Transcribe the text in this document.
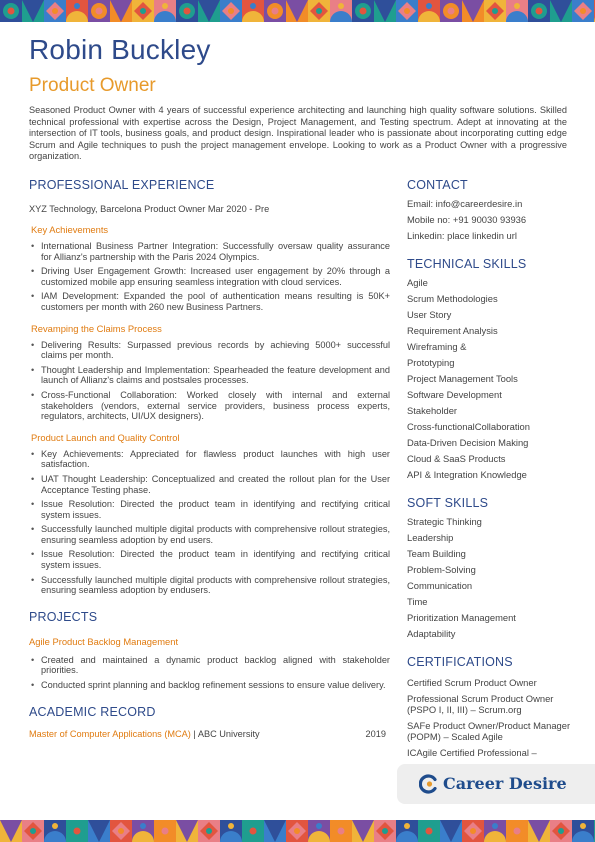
Robin Buckley
Product Owner
Seasoned Product Owner with 4 years of successful experience architecting and launching high quality software solutions. Skilled technical professional with expertise across the Design, Project Management, and Testing spectrum. Adept at innovating at the intersection of IT tools, business goals, and product design. Inspirational leader who is passionate about incorporating cutting edge Scrum and Agile techniques to push the project management envelope. Looking to work as a Product Owner with a progressive organization.
PROFESSIONAL EXPERIENCE
XYZ Technology, Barcelona Product Owner Mar 2020 - Pre
Key Achievements
• International Business Partner Integration: Successfully oversaw quality assurance for Allianz's partnership with the Paris 2024 Olympics.
• Driving User Engagement Growth: Increased user engagement by 20% through a customized mobile app ensuring seamless integration with cloud services.
• IAM Development: Expanded the pool of authentication means resulting is 50K+ customers per month with 260 new Business Partners.
Revamping the Claims Process
• Delivering Results: Surpassed previous records by achieving 5000+ successful claims per month.
• Thought Leadership and Implementation: Spearheaded the feature development and launch of Allianz's claims and postsales processes.
• Cross-Functional Collaboration: Worked closely with internal and external stakeholders (vendors, external service providers, business process experts, regulators, architects, UI/UX designers).
Product Launch and Quality Control
• Key Achievements: Appreciated for flawless product launches with high user satisfaction.
• UAT Thought Leadership: Conceptualized and created the rollout plan for the User Acceptance Testing phase.
• Issue Resolution: Directed the product team in identifying and rectifying critical system issues.
• Successfully launched multiple digital products with comprehensive rollout strategies, ensuring seamless adoption by end users.
• Issue Resolution: Directed the product team in identifying and rectifying critical system issues.
• Successfully launched multiple digital products with comprehensive rollout strategies, ensuring seamless adoption by endusers.
PROJECTS
Agile Product Backlog Management
• Created and maintained a dynamic product backlog aligned with stakeholder priorities.
• Conducted sprint planning and backlog refinement sessions to ensure value delivery.
ACADEMIC RECORD
Master of Computer Applications (MCA) | ABC University	2019
CONTACT
Email: info@careerdesire.in
Mobile no: +91 90030 93936
Linkedin: place linkedin url
TECHNICAL SKILLS
Agile
Scrum Methodologies
User Story
Requirement Analysis
Wireframing &
Prototyping
Project Management Tools
Software Development
Stakeholder
Cross-functionalCollaboration
Data-Driven Decision Making
Cloud & SaaS Products
API & Integration Knowledge
SOFT SKILLS
Strategic Thinking
Leadership
Team Building
Problem-Solving
Communication
Time
Prioritization Management
Adaptability
CERTIFICATIONS
Certified Scrum Product Owner
Professional Scrum Product Owner (PSPO I, II, III) – Scrum.org
SAFe Product Owner/Product Manager (POPM) – Scaled Agile
ICAgile Certified Professional –
Career Desire
